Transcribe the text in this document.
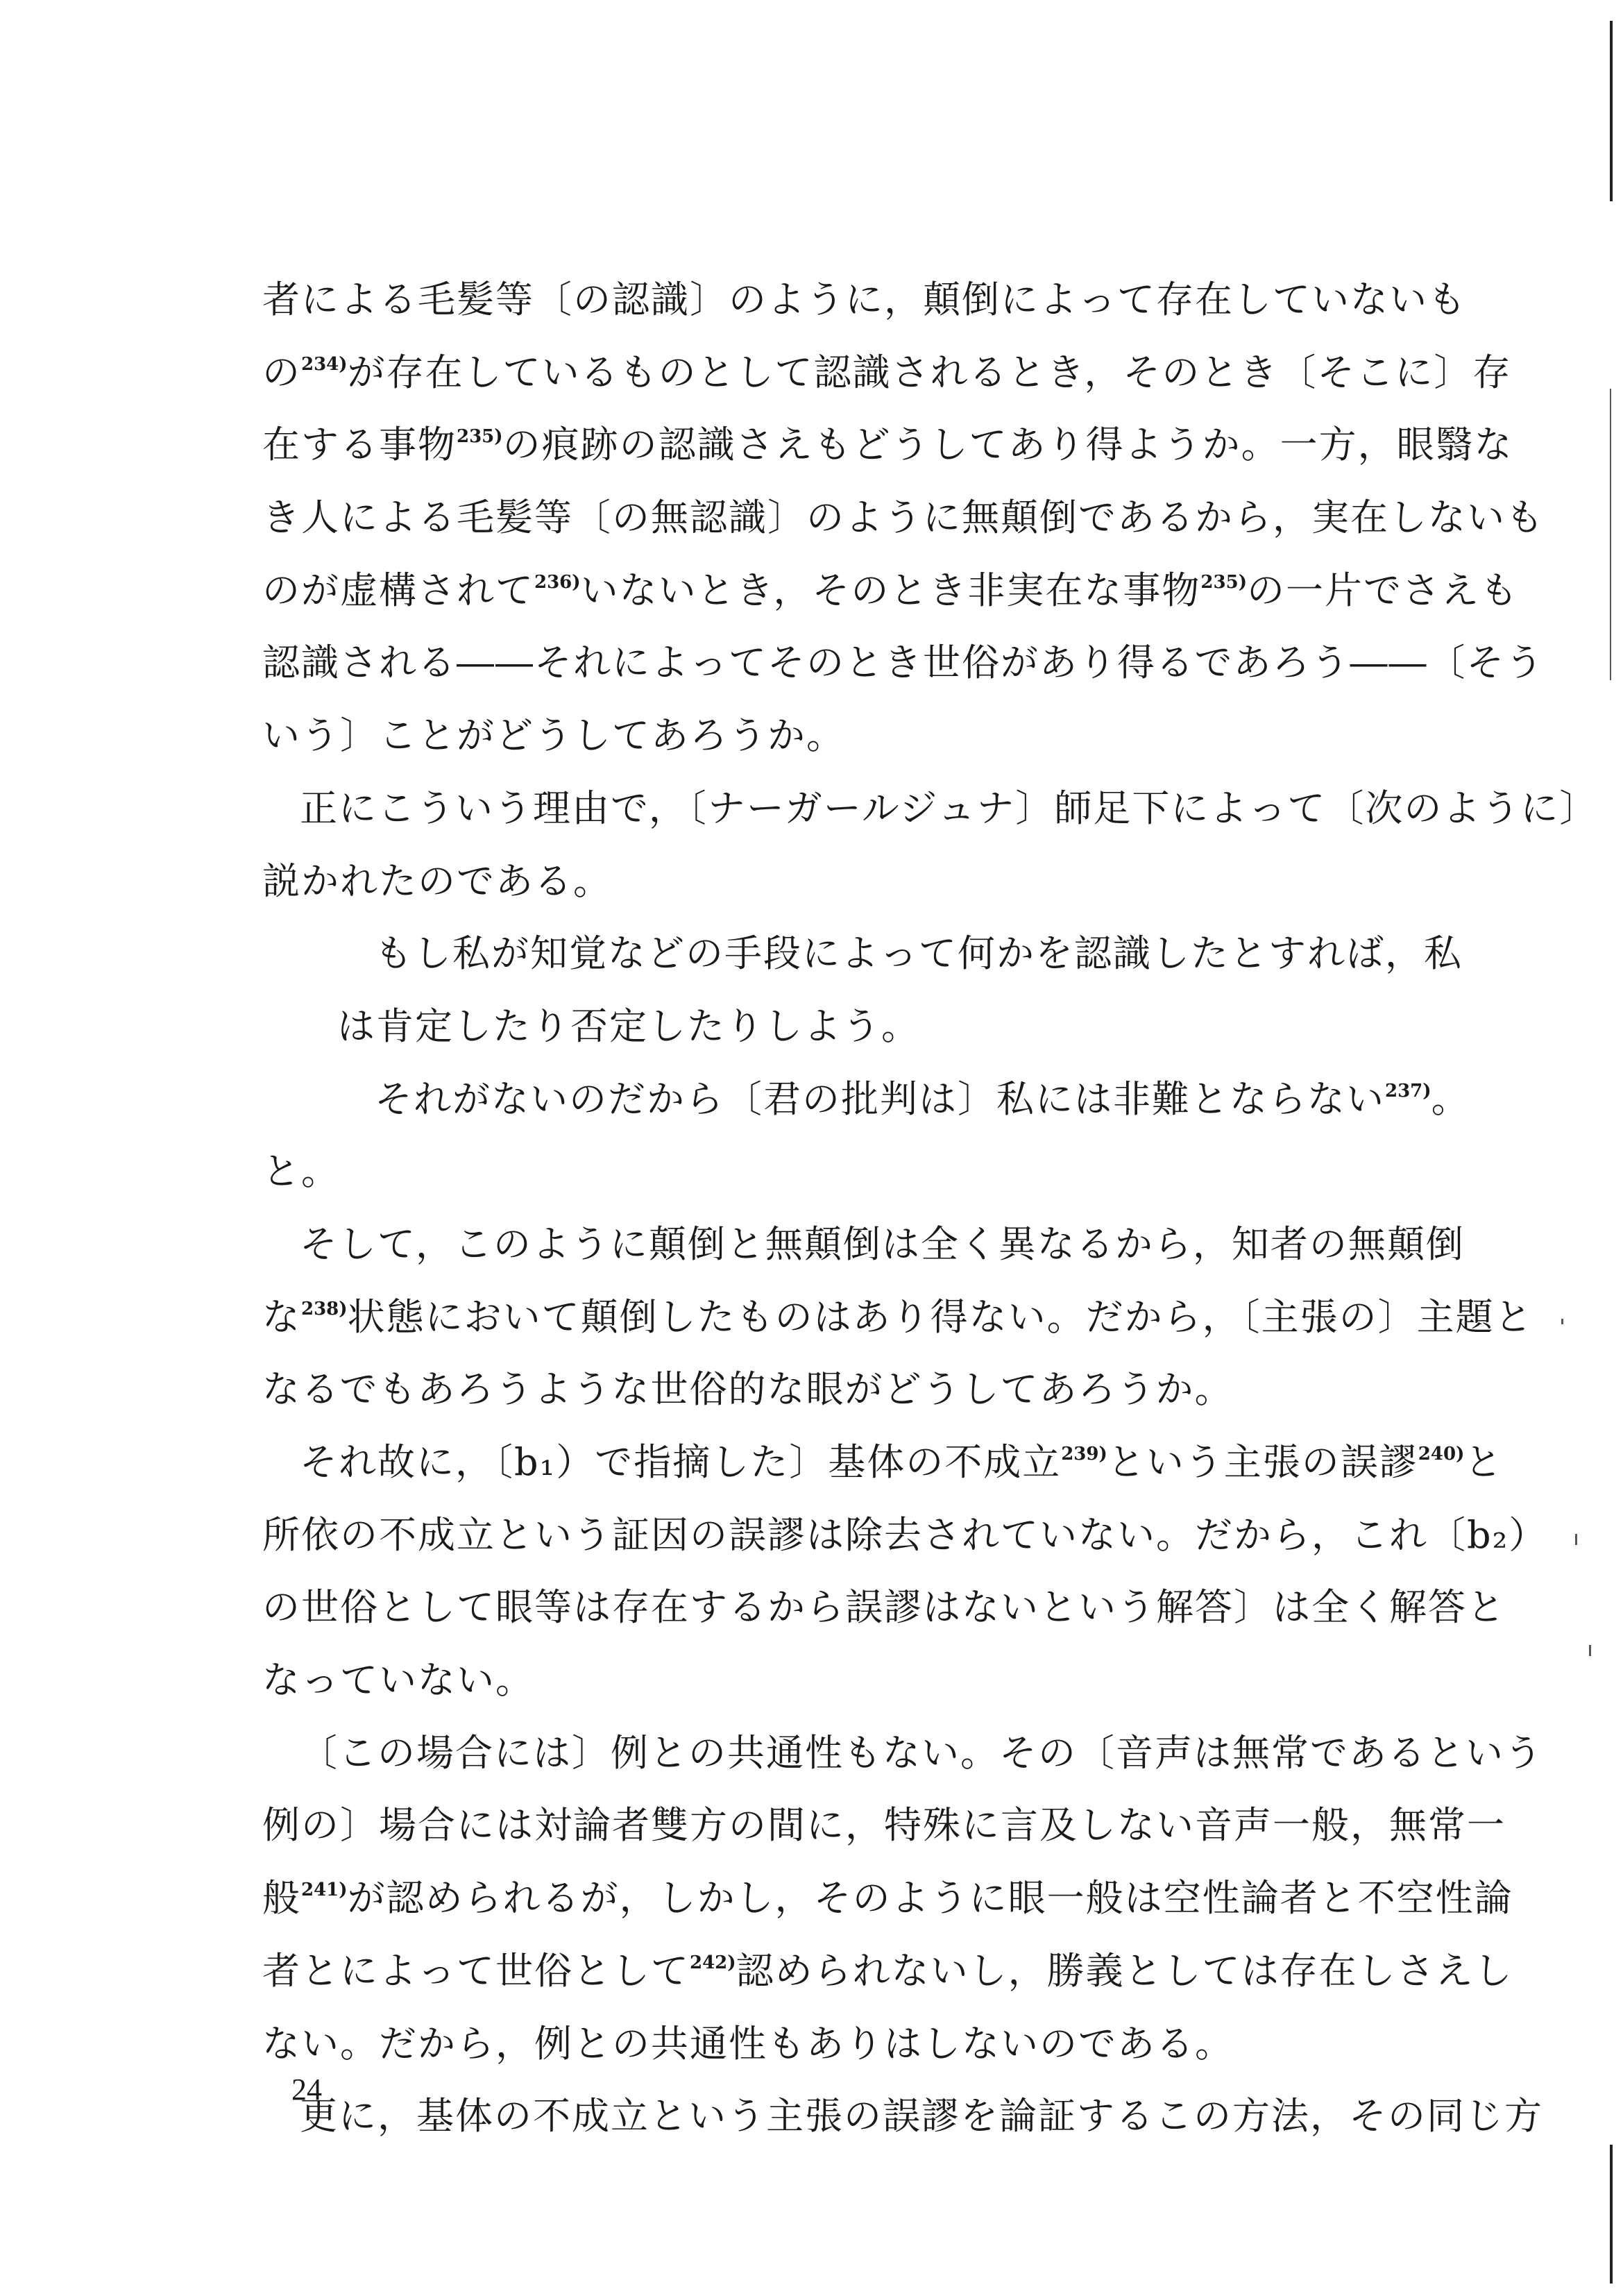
者による毛髪等〔の認識〕のように，顛倒によって存在していないも
の$^{234)}$が存在しているものとして認識されるとき，そのとき〔そこに〕存
在する事物$^{235)}$の痕跡の認識さえもどうしてあり得ようか。一方，眼翳な
き人による毛髪等〔の無認識〕のように無顛倒であるから，実在しないも
のが虚構されて$^{236)}$いないとき，そのとき非実在な事物$^{235)}$の一片でさえも
認識される――それによってそのとき世俗があり得るであろう――〔そう
いう〕ことがどうしてあろうか。
正にこういう理由で，〔ナーガールジュナ〕師足下によって〔次のように〕
説かれたのである。
もし私が知覚などの手段によって何かを認識したとすれば，私
は肯定したり否定したりしよう。
それがないのだから〔君の批判は〕私には非難とならない$^{237)}$。
と。
そして，このように顛倒と無顛倒は全く異なるから，知者の無顛倒
な$^{238)}$状態において顛倒したものはあり得ない。だから，〔主張の〕主題と
なるでもあろうような世俗的な眼がどうしてあろうか。
それ故に，〔b₁）で指摘した〕基体の不成立$^{239)}$という主張の誤謬$^{240)}$と
所依の不成立という証因の誤謬は除去されていない。だから，これ〔b₂）
の世俗として眼等は存在するから誤謬はないという解答〕は全く解答と
なっていない。
〔この場合には〕例との共通性もない。その〔音声は無常であるという
例の〕場合には対論者雙方の間に，特殊に言及しない音声一般，無常一
般$^{241)}$が認められるが，しかし，そのように眼一般は空性論者と不空性論
者とによって世俗として$^{242)}$認められないし，勝義としては存在しさえし
ない。だから，例との共通性もありはしないのである。
更に，基体の不成立という主張の誤謬を論証するこの方法，その同じ方
24
